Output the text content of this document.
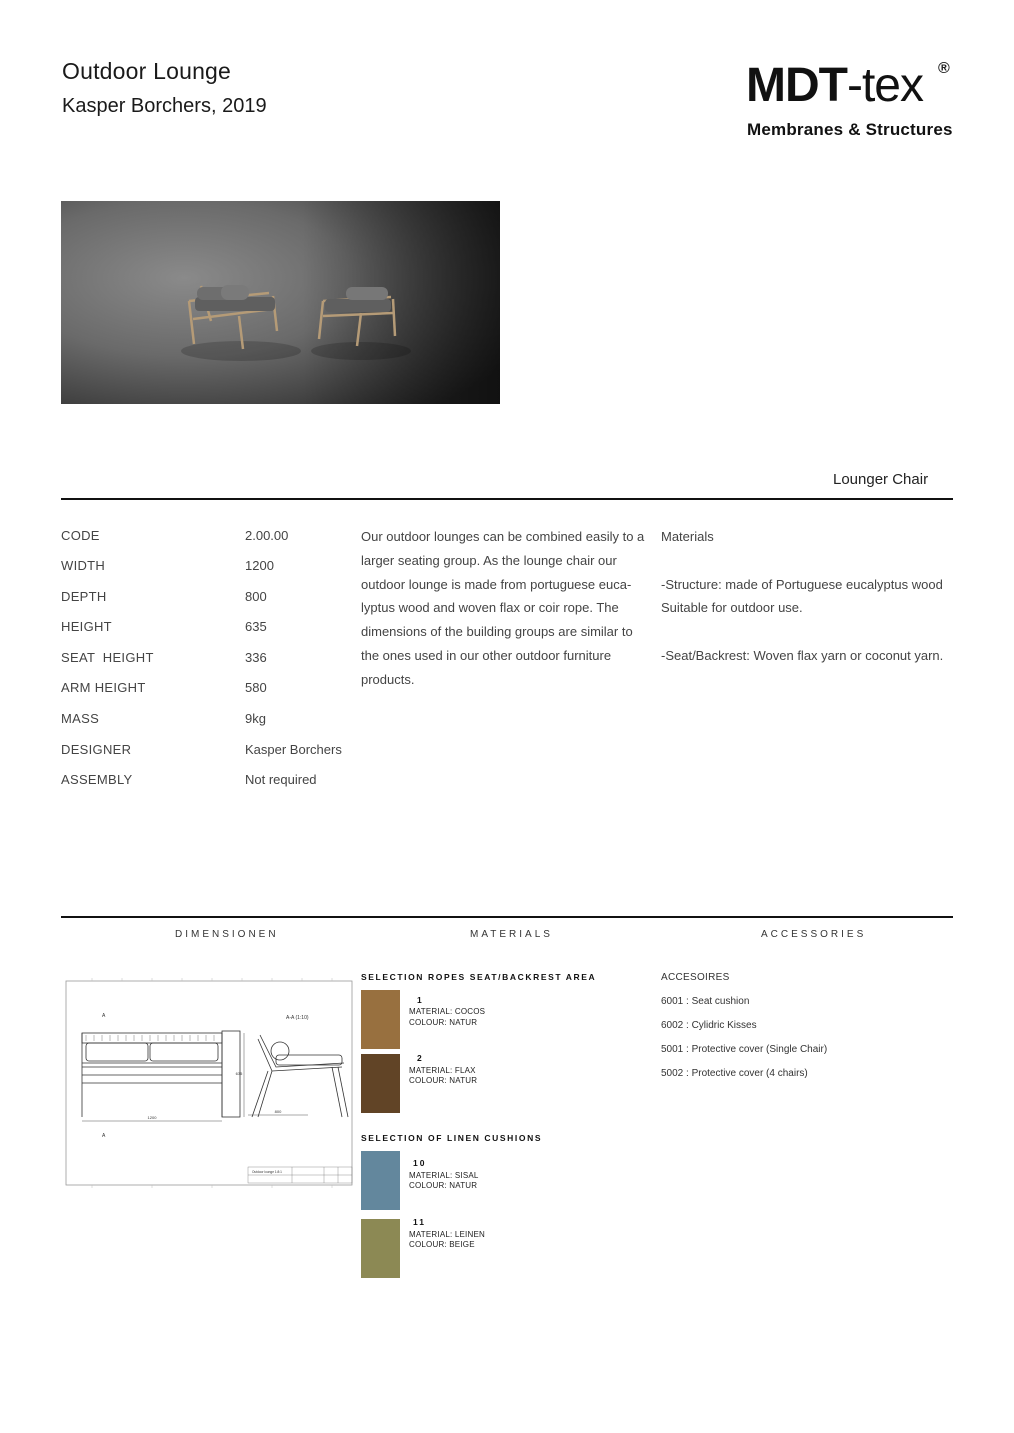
Outdoor Lounge
Kasper Borchers, 2019	MDT-tex ®
Membranes & Structures
Lounger Chair
CODE	2.00.00
WIDTH	1200
DEPTH	800
HEIGHT	635
SEAT  HEIGHT	336
ARM HEIGHT	580
MASS	9kg
DESIGNER	Kasper Borchers
ASSEMBLY	Not required
Our outdoor lounges can be combined easily to a larger seating group. As the lounge chair our outdoor lounge is made from portuguese euca-lyptus wood and woven flax or coir rope. The dimensions of the building groups are similar to the ones used in our other outdoor furniture products.

Materials

-Structure: made of Portuguese eucalyptus wood

Suitable for outdoor use.

-Seat/Backrest: Woven flax yarn or coconut yarn.

DIMENSIONEN	MATERIALS	ACCESSORIES
1200
800
635
A
A
A-A (1:10)
Outdoor lounge 1:8:1
SELECTION ROPES SEAT/BACKREST AREA
1
MATERIAL: COCOS
COLOUR: NATUR
2
MATERIAL: FLAX
COLOUR: NATUR
SELECTION OF LINEN CUSHIONS
10
MATERIAL: SISAL
COLOUR: NATUR
11
MATERIAL: LEINEN
COLOUR: BEIGE
ACCESOIRES
6001 : Seat cushion
6002 : Cylidric Kisses
5001 : Protective cover (Single Chair)
5002 : Protective cover (4 chairs)
